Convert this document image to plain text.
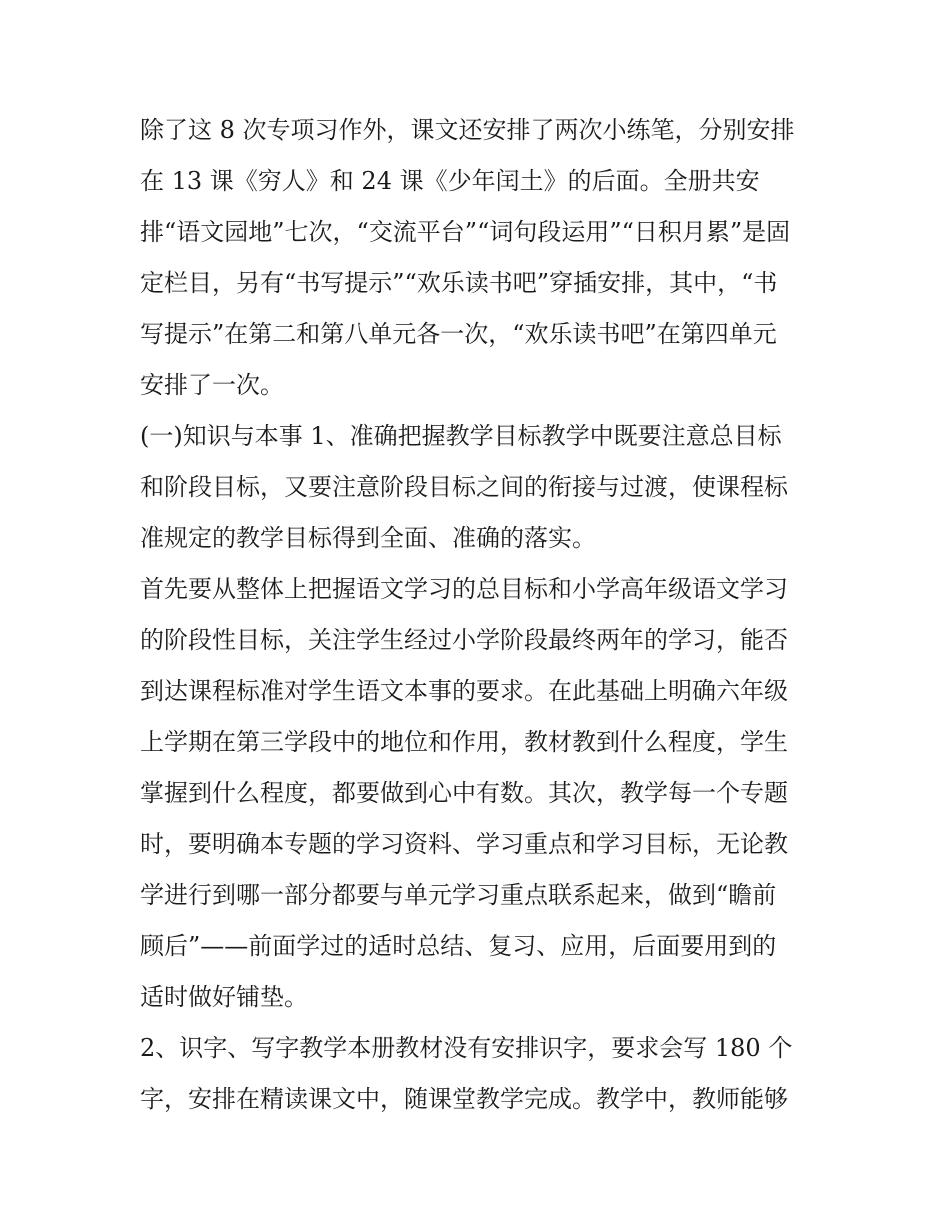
除了这 8 次专项习作外，课文还安排了两次小练笔，分别安排
在 13 课《穷人》和 24 课《少年闰土》的后面。全册共安
排“语文园地”七次，“交流平台”“词句段运用”“日积月累”是固
定栏目，另有“书写提示”“欢乐读书吧”穿插安排，其中，“书
写提示”在第二和第八单元各一次，“欢乐读书吧”在第四单元
安排了一次。
(一)知识与本事 1、准确把握教学目标教学中既要注意总目标
和阶段目标，又要注意阶段目标之间的衔接与过渡，使课程标
准规定的教学目标得到全面、准确的落实。
首先要从整体上把握语文学习的总目标和小学高年级语文学习
的阶段性目标，关注学生经过小学阶段最终两年的学习，能否
到达课程标准对学生语文本事的要求。在此基础上明确六年级
上学期在第三学段中的地位和作用，教材教到什么程度，学生
掌握到什么程度，都要做到心中有数。其次，教学每一个专题
时，要明确本专题的学习资料、学习重点和学习目标，无论教
学进行到哪一部分都要与单元学习重点联系起来，做到“瞻前
顾后”——前面学过的适时总结、复习、应用，后面要用到的
适时做好铺垫。
2、识字、写字教学本册教材没有安排识字，要求会写 180 个
字，安排在精读课文中，随课堂教学完成。教学中，教师能够
